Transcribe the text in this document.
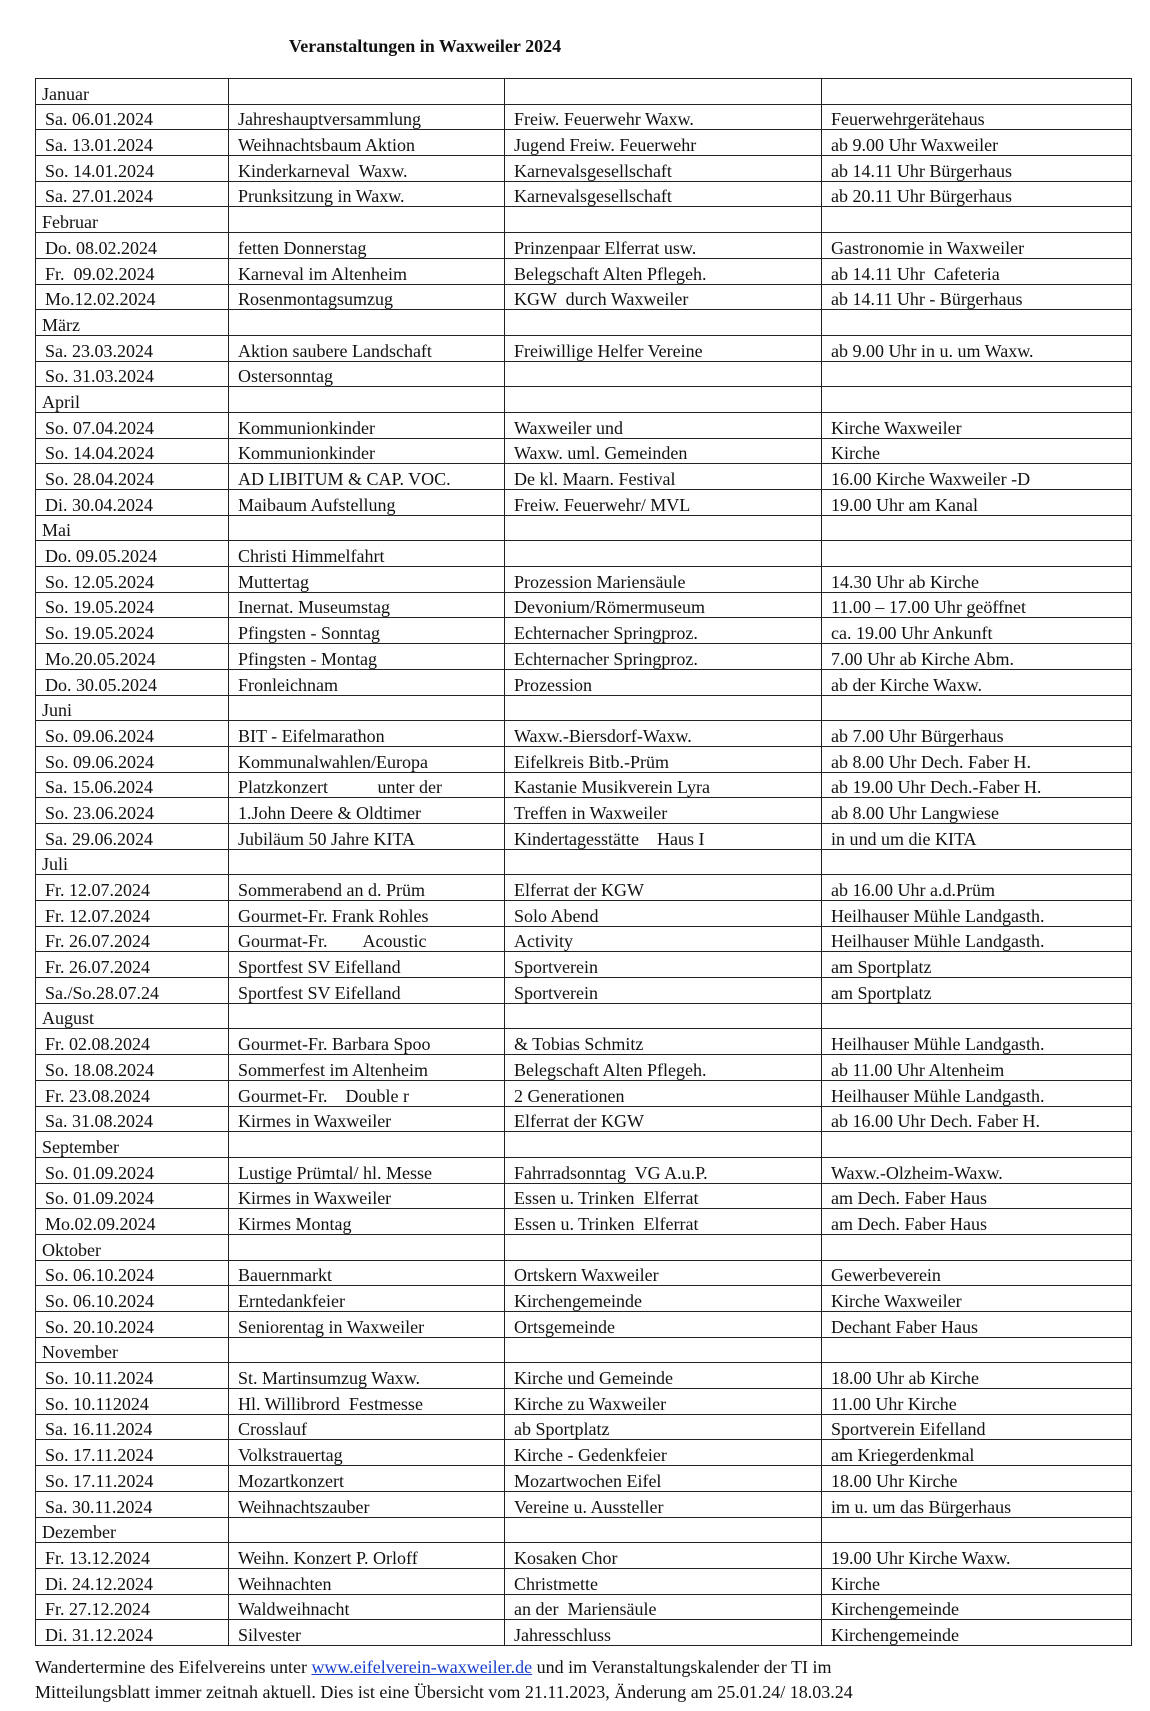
Veranstaltungen in Waxweiler 2024
Januar			
Sa. 06.01.2024	Jahreshauptversammlung	Freiw. Feuerwehr Waxw.	Feuerwehrgerätehaus
Sa. 13.01.2024	Weihnachtsbaum Aktion	Jugend Freiw. Feuerwehr	ab 9.00 Uhr Waxweiler
So. 14.01.2024	Kinderkarneval  Waxw.	Karnevalsgesellschaft	ab 14.11 Uhr Bürgerhaus
Sa. 27.01.2024	Prunksitzung in Waxw.	Karnevalsgesellschaft	ab 20.11 Uhr Bürgerhaus
Februar			
Do. 08.02.2024	fetten Donnerstag	Prinzenpaar Elferrat usw.	Gastronomie in Waxweiler
Fr.  09.02.2024	Karneval im Altenheim	Belegschaft Alten Pflegeh.	ab 14.11 Uhr  Cafeteria
Mo.12.02.2024	Rosenmontagsumzug	KGW  durch Waxweiler	ab 14.11 Uhr - Bürgerhaus
März			
Sa. 23.03.2024	Aktion saubere Landschaft	Freiwillige Helfer Vereine	ab 9.00 Uhr in u. um Waxw.
So. 31.03.2024	Ostersonntag		
April			
So. 07.04.2024	Kommunionkinder	Waxweiler und	Kirche Waxweiler
So. 14.04.2024	Kommunionkinder	Waxw. uml. Gemeinden	Kirche
So. 28.04.2024	AD LIBITUM & CAP. VOC.	De kl. Maarn. Festival	16.00 Kirche Waxweiler -D
Di. 30.04.2024	Maibaum Aufstellung	Freiw. Feuerwehr/ MVL	19.00 Uhr am Kanal
Mai			
Do. 09.05.2024	Christi Himmelfahrt		
So. 12.05.2024	Muttertag	Prozession Mariensäule	14.30 Uhr ab Kirche
So. 19.05.2024	Inernat. Museumstag	Devonium/Römermuseum	11.00 – 17.00 Uhr geöffnet
So. 19.05.2024	Pfingsten - Sonntag	Echternacher Springproz.	ca. 19.00 Uhr Ankunft
Mo.20.05.2024	Pfingsten - Montag	Echternacher Springproz.	7.00 Uhr ab Kirche Abm.
Do. 30.05.2024	Fronleichnam	Prozession	ab der Kirche Waxw.
Juni			
So. 09.06.2024	BIT - Eifelmarathon	Waxw.-Biersdorf-Waxw.	ab 7.00 Uhr Bürgerhaus
So. 09.06.2024	Kommunalwahlen/Europa	Eifelkreis Bitb.-Prüm	ab 8.00 Uhr Dech. Faber H.
Sa. 15.06.2024	Platzkonzert           unter der	Kastanie Musikverein Lyra	ab 19.00 Uhr Dech.-Faber H.
So. 23.06.2024	1.John Deere & Oldtimer	Treffen in Waxweiler	ab 8.00 Uhr Langwiese
Sa. 29.06.2024	Jubiläum 50 Jahre KITA	Kindertagesstätte    Haus I	in und um die KITA
Juli			
Fr. 12.07.2024	Sommerabend an d. Prüm	Elferrat der KGW	ab 16.00 Uhr a.d.Prüm
Fr. 12.07.2024	Gourmet-Fr. Frank Rohles	Solo Abend	Heilhauser Mühle Landgasth.
Fr. 26.07.2024	Gourmat-Fr.        Acoustic	Activity	Heilhauser Mühle Landgasth.
Fr. 26.07.2024	Sportfest SV Eifelland	Sportverein	am Sportplatz
Sa./So.28.07.24	Sportfest SV Eifelland	Sportverein	am Sportplatz
August			
Fr. 02.08.2024	Gourmet-Fr. Barbara Spoo	& Tobias Schmitz	Heilhauser Mühle Landgasth.
So. 18.08.2024	Sommerfest im Altenheim	Belegschaft Alten Pflegeh.	ab 11.00 Uhr Altenheim
Fr. 23.08.2024	Gourmet-Fr.    Double r	2 Generationen	Heilhauser Mühle Landgasth.
Sa. 31.08.2024	Kirmes in Waxweiler	Elferrat der KGW	ab 16.00 Uhr Dech. Faber H.
September			
So. 01.09.2024	Lustige Prümtal/ hl. Messe	Fahrradsonntag  VG A.u.P.	Waxw.-Olzheim-Waxw.
So. 01.09.2024	Kirmes in Waxweiler	Essen u. Trinken  Elferrat	am Dech. Faber Haus
Mo.02.09.2024	Kirmes Montag	Essen u. Trinken  Elferrat	am Dech. Faber Haus
Oktober			
So. 06.10.2024	Bauernmarkt	Ortskern Waxweiler	Gewerbeverein
So. 06.10.2024	Erntedankfeier	Kirchengemeinde	Kirche Waxweiler
So. 20.10.2024	Seniorentag in Waxweiler	Ortsgemeinde	Dechant Faber Haus
November			
So. 10.11.2024	St. Martinsumzug Waxw.	Kirche und Gemeinde	18.00 Uhr ab Kirche
So. 10.112024	Hl. Willibrord  Festmesse	Kirche zu Waxweiler	11.00 Uhr Kirche
Sa. 16.11.2024	Crosslauf	ab Sportplatz	Sportverein Eifelland
So. 17.11.2024	Volkstrauertag	Kirche - Gedenkfeier	am Kriegerdenkmal
So. 17.11.2024	Mozartkonzert	Mozartwochen Eifel	18.00 Uhr Kirche
Sa. 30.11.2024	Weihnachtszauber	Vereine u. Aussteller	im u. um das Bürgerhaus
Dezember			
Fr. 13.12.2024	Weihn. Konzert P. Orloff	Kosaken Chor	19.00 Uhr Kirche Waxw.
Di. 24.12.2024	Weihnachten	Christmette	Kirche
Fr. 27.12.2024	Waldweihnacht	an der  Mariensäule	Kirchengemeinde
Di. 31.12.2024	Silvester	Jahresschluss	Kirchengemeinde
Wandertermine des Eifelvereins unter www.eifelverein-waxweiler.de und im Veranstaltungskalender der TI im
Mitteilungsblatt immer zeitnah aktuell. Dies ist eine Übersicht vom 21.11.2023, Änderung am 25.01.24/ 18.03.24
